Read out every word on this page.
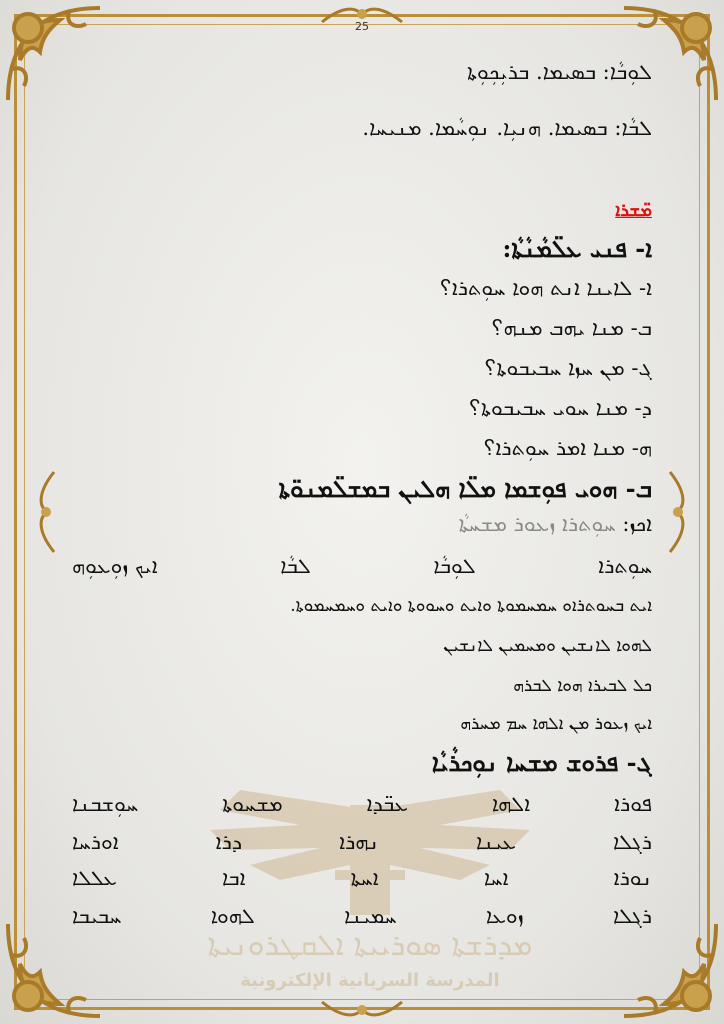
ܡܕܪܫܬܐ ܣܘܪܝܝܬܐ ܐܠܩܛܪܘܢܝܬܐ
المدرسة السريانية الإلكترونية
25
ܠܘܼܒܵܐ: ܒܣܝܡܐ. ܒܪܝܼܟܼܘܼܬܐ
ܠܒܵܐ: ܒܣܝܡܐ. ܗܢܝܼܐ. ܢܘܼܚܵܡܐ. ܡܢܝܚܐ.
ܡ̈ܫܪܐ
ܐ- ܦܢܝ ܥܠ̈ܡܵܢܵܬܵܐ:
ܐ- ܠܐܝܢܐ ܐܢܬ ܗܘܐ ܚܘܼܬܪܐ؟
ܒ- ܡܢܐ ܝܗܒ ܡܢܗ؟
ܓ- ܡܢ ܚܙܐ ܚܒܝܒܘܬܐ؟
ܕ- ܡܢܐ ܚܘܝ ܚܒܝܒܘܬܐ؟
ܗ- ܡܢܐ ܐܡܪ ܚܘܼܬܪܐ؟
ܒ- ܗܘܝ ܦܘܼܫܡܐ ܡܠ̈ܐ ܗܠܝܢ ܒܡܫܠ̈ܡܢܘ̈ܬܐ
ܐܟܙ: ܚܘܼܬܪܐ ܙܥܘܪ ܡܫܚܬܵܐ
ܚܘܼܬܪܐ
ܠܘܼܒܵܐ
ܠܒܵܐ
ܐܝܟ ܙܘܼܥܘܼܗ
ܐܝܬ ܒܚܘܬܪܐܘ ܚܡܚܡܘܬܐ ܘܐܝܬ ܘܚܘܘܬܐ ܘܐܝܬ ܘܚܡܚܡܘܬܐ.
ܠܗܘܐ ܠܐܢܫܝܢ ܘܡܚܡܝܢ ܠܐܢܫܝܢ
ܟܠ ܠܒܝܪܐ ܗܘܐ ܠܒܪܗ
ܐܝܟ ܙܥܘܪ ܡܢ ܐܠܗܐ ܚܡ ܡܚܪܗ
ܓ- ܦܪܘܫ ܡܫܚܐ ܢܘܼܟܪܵܝܵܐ
ܦܘܪܐ
ܐܠܗܐ
ܥܒ̈ܕܐ
ܡܫܚܘܬܐ
ܚܘܼܫܒܢܐ
ܪܓܠܐ
ܥܝܢܐ
ܢܗܪܐ
ܕܪܐ
ܐܘܪܚܐ
ܢܘܪܐ
ܐܚܐ
ܐܚܬܐ
ܐܒܐ
ܥܠܠܐ
ܪܓܠܐ
ܙܘܥܐ
ܚܡܝܢܐ
ܠܗܘܐ
ܚܒܝܒܐ
